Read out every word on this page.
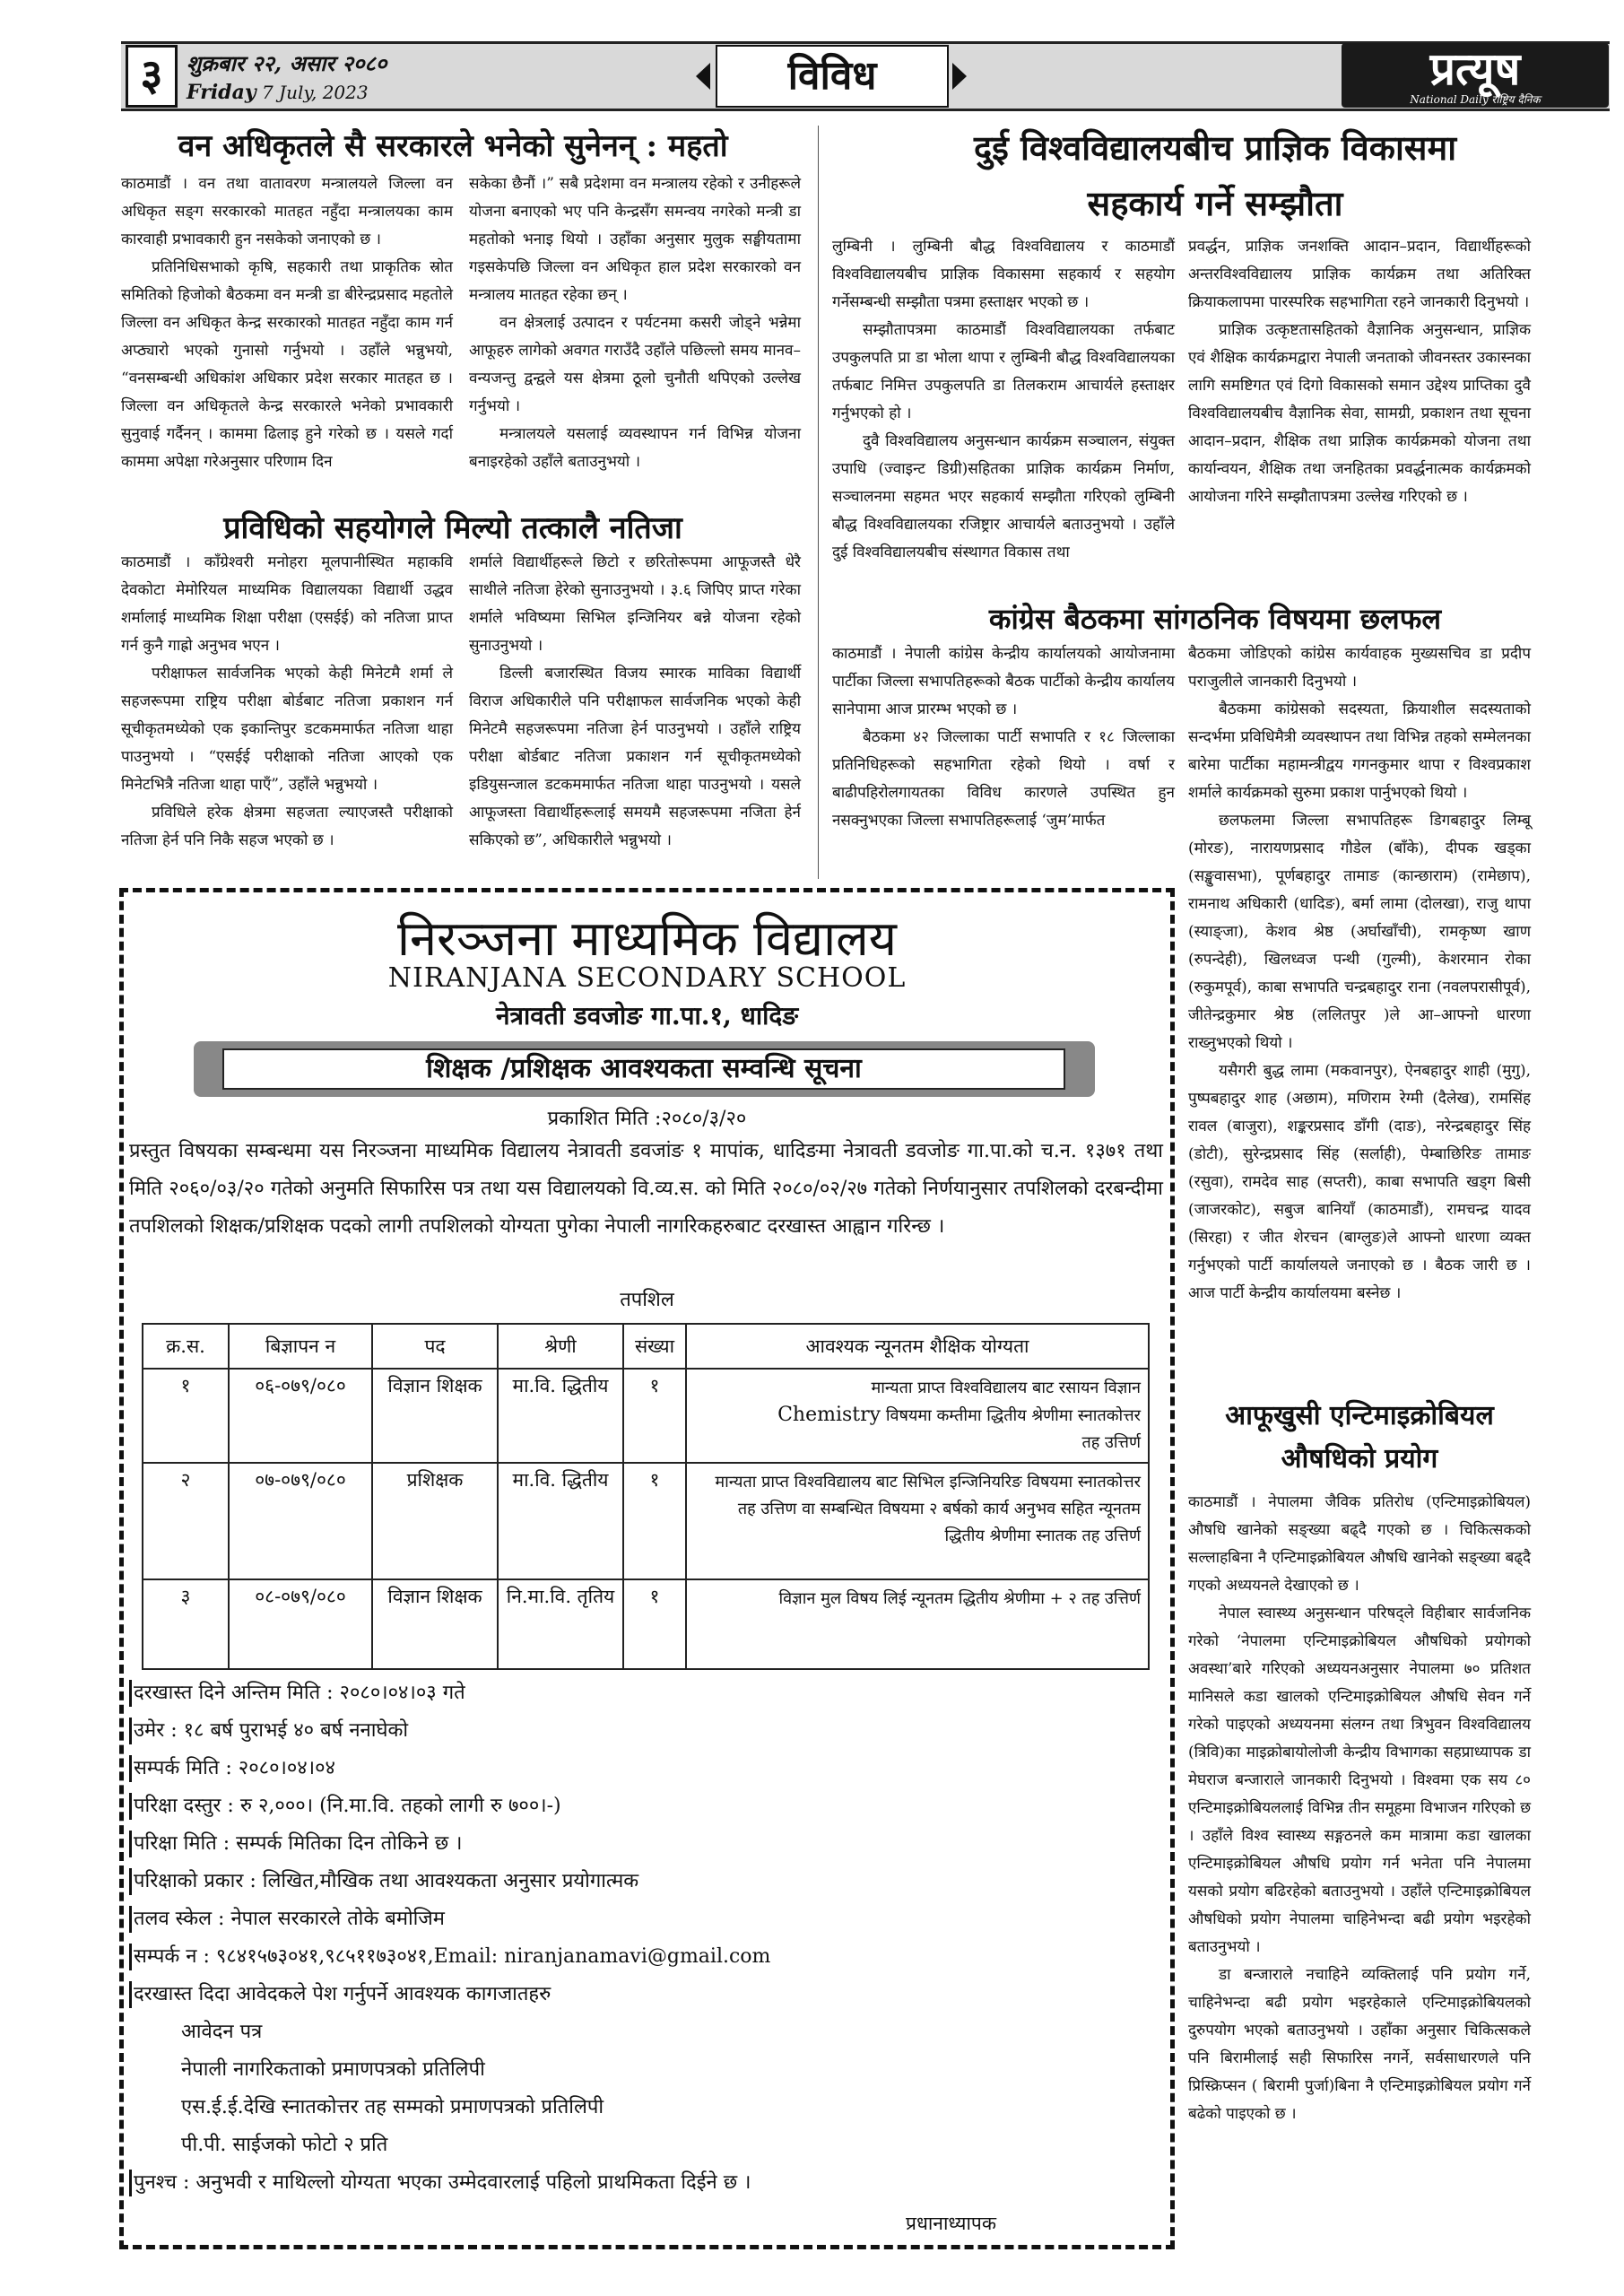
३	शुक्रबार २२, असार २०८०
Friday 7 July, 2023	विविध	प्रत्यूष
National Daily राष्ट्रिय दैनिक
वन अधिकृतले सै सरकारले भनेको सुनेनन् : महतो

काठमाडौं । वन तथा वातावरण मन्त्रालयले जिल्ला वन अधिकृत सङ्‍ग सरकारको मातहत नहुँदा मन्त्रालयका काम कारवाही प्रभावकारी हुन नसकेको जनाएको छ ।

प्रतिनिधिसभाको कृषि, सहकारी तथा प्राकृतिक स्रोत समितिको हिजोको बैठकमा वन मन्त्री डा बीरेन्द्रप्रसाद महतोले जिल्ला वन अधिकृत केन्द्र सरकारको मातहत नहुँदा काम गर्न अप्ठ्यारो भएको गुनासो गर्नुभयो । उहाँले भन्नुभयो, “वनसम्बन्धी अधिकांश अधिकार प्रदेश सरकार मातहत छ । जिल्ला वन अधिकृतले केन्द्र सरकारले भनेको प्रभावकारी सुनुवाई गर्दैनन् । काममा ढिलाइ हुने गरेको छ । यसले गर्दा काममा अपेक्षा गरेअनुसार परिणाम दिन

सकेका छैनौं ।” सबै प्रदेशमा वन मन्त्रालय रहेको र उनीहरूले योजना बनाएको भए पनि केन्द्रसँग समन्वय नगरेको मन्त्री डा महतोको भनाइ थियो । उहाँका अनुसार मुलुक सङ्घीयतामा गइसकेपछि जिल्ला वन अधिकृत हाल प्रदेश सरकारको वन मन्त्रालय मातहत रहेका छन् ।

वन क्षेत्रलाई उत्पादन र पर्यटनमा कसरी जोड्ने भन्नेमा आफूहरु लागेको अवगत गराउँदै उहाँले पछिल्लो समय मानव–वन्यजन्तु द्वन्द्वले यस क्षेत्रमा ठूलो चुनौती थपिएको उल्लेख गर्नुभयो ।

मन्त्रालयले यसलाई व्यवस्थापन गर्न विभिन्न योजना बनाइरहेको उहाँले बताउनुभयो ।

प्रविधिको सहयोगले मिल्यो तत्कालै नतिजा

काठमाडौं । काँग्रेश्वरी मनोहरा मूलपानीस्थित महाकवि देवकोटा मेमोरियल माध्यमिक विद्यालयका विद्यार्थी उद्धव शर्मालाई माध्यमिक शिक्षा परीक्षा (एसईई) को नतिजा प्राप्त गर्न कुनै गाह्रो अनुभव भएन ।

परीक्षाफल सार्वजनिक भएको केही मिनेटमै शर्मा ले सहजरूपमा राष्ट्रिय परीक्षा बोर्डबाट नतिजा प्रकाशन गर्न सूचीकृतमध्येको एक इकान्तिपुर डटकममार्फत नतिजा थाहा पाउनुभयो । “एसईई परीक्षाको नतिजा आएको एक मिनेटभित्रै नतिजा थाहा पाएँ”, उहाँले भन्नुभयो ।

प्रविधिले हरेक क्षेत्रमा सहजता ल्याएजस्तै परीक्षाको नतिजा हेर्न पनि निकै सहज भएको छ ।

शर्माले विद्यार्थीहरूले छिटो र छरितोरूपमा आफूजस्तै धेरै साथीले नतिजा हेरेको सुनाउनुभयो । ३.६ जिपिए प्राप्त गरेका शर्माले भविष्यमा सिभिल इन्जिनियर बन्ने योजना रहेको सुनाउनुभयो ।

डिल्ली बजारस्थित विजय स्मारक माविका विद्यार्थी विराज अधिकारीले पनि परीक्षाफल सार्वजनिक भएको केही मिनेटमै सहजरूपमा नतिजा हेर्न पाउनुभयो । उहाँले राष्ट्रिय परीक्षा बोर्डबाट नतिजा प्रकाशन गर्न सूचीकृतमध्येको इडियुसन्जाल डटकममार्फत नतिजा थाहा पाउनुभयो । यसले आफूजस्ता विद्यार्थीहरूलाई समयमै सहजरूपमा नजिता हेर्न सकिएको छ”, अधिकारीले भन्नुभयो ।

दुई विश्वविद्यालयबीच प्राज्ञिक विकासमा
सहकार्य गर्ने सम्झौता

लुम्बिनी । लुम्बिनी बौद्ध विश्वविद्यालय र काठमाडौं विश्वविद्यालयबीच प्राज्ञिक विकासमा सहकार्य र सहयोग गर्नेसम्बन्धी सम्झौता पत्रमा हस्ताक्षर भएको छ ।

सम्झौतापत्रमा काठमाडौं विश्वविद्यालयका तर्फबाट उपकुलपति प्रा डा भोला थापा र लुम्बिनी बौद्ध विश्वविद्यालयका तर्फबाट निमित्त उपकुलपति डा तिलकराम आचार्यले हस्ताक्षर गर्नुभएको हो ।

दुवै विश्वविद्यालय अनुसन्धान कार्यक्रम सञ्चालन, संयुक्त उपाधि (ज्वाइन्ट डिग्री)सहितका प्राज्ञिक कार्यक्रम निर्माण, सञ्चालनमा सहमत भएर सहकार्य सम्झौता गरिएको लुम्बिनी बौद्ध विश्वविद्यालयका रजिष्ट्रार आचार्यले बताउनुभयो । उहाँले दुई विश्वविद्यालयबीच संस्थागत विकास तथा

प्रवर्द्धन, प्राज्ञिक जनशक्ति आदान–प्रदान, विद्यार्थीहरूको अन्तरविश्वविद्यालय प्राज्ञिक कार्यक्रम तथा अतिरिक्त क्रियाकलापमा पारस्परिक सहभागिता रहने जानकारी दिनुभयो ।

प्राज्ञिक उत्कृष्टतासहितको वैज्ञानिक अनुसन्धान, प्राज्ञिक एवं शैक्षिक कार्यक्रमद्वारा नेपाली जनताको जीवनस्तर उकास्नका लागि समष्टिगत एवं दिगो विकासको समान उद्देश्य प्राप्तिका दुवै विश्वविद्यालयबीच वैज्ञानिक सेवा, सामग्री, प्रकाशन तथा सूचना आदान–प्रदान, शैक्षिक तथा प्राज्ञिक कार्यक्रमको योजना तथा कार्यान्वयन, शैक्षिक तथा जनहितका प्रवर्द्धनात्मक कार्यक्रमको आयोजना गरिने सम्झौतापत्रमा उल्लेख गरिएको छ ।

कांग्रेस बैठकमा सांगठनिक विषयमा छलफल

काठमाडौं । नेपाली कांग्रेस केन्द्रीय कार्यालयको आयोजनामा पार्टीका जिल्ला सभापतिहरूको बैठक पार्टीको केन्द्रीय कार्यालय सानेपामा आज प्रारम्भ भएको छ ।

बैठकमा ४२ जिल्लाका पार्टी सभापति र १८ जिल्लाका प्रतिनिधिहरूको सहभागिता रहेको थियो । वर्षा र बाढीपहिरोलगायतका विविध कारणले उपस्थित हुन नसक्नुभएका जिल्ला सभापतिहरूलाई ‘जुम’मार्फत

बैठकमा जोडिएको कांग्रेस कार्यवाहक मुख्यसचिव डा प्रदीप पराजुलीले जानकारी दिनुभयो ।

बैठकमा कांग्रेसको सदस्यता, क्रियाशील सदस्यताको सन्दर्भमा प्रविधिमैत्री व्यवस्थापन तथा विभिन्न तहको सम्मेलनका बारेमा पार्टीका महामन्त्रीद्वय गगनकुमार थापा र विश्वप्रकाश शर्माले कार्यक्रमको सुरुमा प्रकाश पार्नुभएको थियो ।

छलफलमा जिल्ला सभापतिहरू डिगबहादुर लिम्बू (मोरङ), नारायणप्रसाद गौडेल (बाँके), दीपक खड्का (सङ्खुवासभा), पूर्णबहादुर तामाङ (कान्छाराम) (रामेछाप), रामनाथ अधिकारी (धादिङ), बर्मा लामा (दोलखा), राजु थापा (स्याङ्जा), केशव श्रेष्ठ (अर्घाखाँची), रामकृष्ण खाण (रुपन्देही), खिलध्वज पन्थी (गुल्मी), केशरमान रोका (रुकुमपूर्व), काबा सभापति चन्द्रबहादुर राना (नवलपरासीपूर्व), जीतेन्द्रकुमार श्रेष्ठ (ललितपुर )ले आ–आफ्नो धारणा राख्नुभएको थियो ।

यसैगरी बुद्ध लामा (मकवानपुर), ऐनबहादुर शाही (मुगु), पुष्पबहादुर शाह (अछाम), मणिराम रेग्मी (दैलेख), रामसिंह रावल (बाजुरा), शङ्करप्रसाद डाँगी (दाङ), नरेन्द्रबहादुर सिंह (डोटी), सुरेन्द्रप्रसाद सिंह (सर्लाही), पेम्बाछिरिङ तामाङ (रसुवा), रामदेव साह (सप्तरी), काबा सभापति खड्ग बिसी (जाजरकोट), सबुज बानियाँ (काठमाडौं), रामचन्द्र यादव (सिरहा) र जीत शेरचन (बाग्लुङ)ले आफ्नो धारणा व्यक्त गर्नुभएको पार्टी कार्यालयले जनाएको छ । बैठक जारी छ । आज पार्टी केन्द्रीय कार्यालयमा बस्नेछ ।

आफूखुसी एन्टिमाइक्रोबियल
औषधिको प्रयोग

काठमाडौं । नेपालमा जैविक प्रतिरोध (एन्टिमाइक्रोबियल) औषधि खानेको सङ्ख्या बढ्दै गएको छ । चिकित्सकको सल्लाहबिना नै एन्टिमाइक्रोबियल औषधि खानेको सङ्ख्या बढ्दै गएको अध्ययनले देखाएको छ ।

नेपाल स्वास्थ्य अनुसन्धान परिषद्ले विहीबार सार्वजनिक गरेको ‘नेपालमा एन्टिमाइक्रोबियल औषधिको प्रयोगको अवस्था’बारे गरिएको अध्ययनअनुसार नेपालमा ७० प्रतिशत मानिसले कडा खालको एन्टिमाइक्रोबियल औषधि सेवन गर्ने गरेको पाइएको अध्ययनमा संलग्न तथा त्रिभुवन विश्वविद्यालय (त्रिवि)का माइक्रोबायोलोजी केन्द्रीय विभागका सहप्राध्यापक डा मेघराज बन्जाराले जानकारी दिनुभयो । विश्वमा एक सय ८० एन्टिमाइक्रोबियललाई विभिन्न तीन समूहमा विभाजन गरिएको छ । उहाँले विश्व स्वास्थ्य सङ्गठनले कम मात्रामा कडा खालका एन्टिमाइक्रोबियल औषधि प्रयोग गर्न भनेता पनि नेपालमा यसको प्रयोग बढिरहेको बताउनुभयो । उहाँले एन्टिमाइक्रोबियल औषधिको प्रयोग नेपालमा चाहिनेभन्दा बढी प्रयोग भइरहेको बताउनुभयो ।

डा बन्जाराले नचाहिने व्यक्तिलाई पनि प्रयोग गर्ने, चाहिनेभन्दा बढी प्रयोग भइरहेकाले एन्टिमाइक्रोबियलको दुरुपयोग भएको बताउनुभयो । उहाँका अनुसार चिकित्सकले पनि बिरामीलाई सही सिफारिस नगर्ने, सर्वसाधारणले पनि प्रिस्क्रिप्सन ( बिरामी पुर्जा)बिना नै एन्टिमाइक्रोबियल प्रयोग गर्ने बढेको पाइएको छ ।

निरञ्जना माध्यमिक विद्यालय
NIRANJANA SECONDARY SCHOOL
नेत्रावती डवजोङ गा.पा.१, धादिङ
शिक्षक /प्रशिक्षक आवश्यकता सम्वन्धि सूचना
प्रकाशित मिति :२०८०/३/२०
प्रस्तुत विषयका सम्बन्धमा यस निरञ्जना माध्यमिक विद्यालय नेत्रावती डवजांङ १ मापांक, धादिङमा नेत्रावती डवजोङ गा.पा.को च.न. १३७१ तथा मिति २०६०/०३/२० गतेको अनुमति सिफारिस पत्र तथा यस विद्यालयको वि.व्य.स. को मिति २०८०/०२/२७ गतेको निर्णयानुसार तपशिलको दरबन्दीमा तपशिलको शिक्षक/प्रशिक्षक पदको लागी तपशिलको योग्यता पुगेका नेपाली नागरिकहरुबाट दरखास्त आह्वान गरिन्छ ।
तपशिल
क्र.स.	बिज्ञापन न	पद	श्रेणी	संख्या	आवश्यक न्यूनतम शैक्षिक योग्यता
१	०६-०७९/०८०	विज्ञान शिक्षक	मा.वि. द्धितीय	१	मान्यता प्राप्त विश्वविद्यालय बाट रसायन विज्ञान
Chemistry विषयमा कम्तीमा द्धितीय श्रेणीमा स्नातकोत्तर
तह उत्तिर्ण

२	०७-०७९/०८०	प्रशिक्षक	मा.वि. द्धितीय	१	मान्यता प्राप्त विश्वविद्यालय बाट सिभिल इन्जिनियरिङ विषयमा स्नातकोत्तर तह उत्तिण वा सम्बन्धित विषयमा २ बर्षको कार्य अनुभव सहित न्यूनतम द्धितीय श्रेणीमा स्नातक तह उत्तिर्ण
३	०८-०७९/०८०	विज्ञान शिक्षक	नि.मा.वि. तृतिय	१	विज्ञान मुल विषय लिई न्यूनतम द्धितीय श्रेणीमा + २ तह उत्तिर्ण
दरखास्त दिने अन्तिम मिति : २०८०।०४।०३ गते
उमेर : १८ बर्ष पुराभई ४० बर्ष ननाघेको
सम्पर्क मिति : २०८०।०४।०४
परिक्षा दस्तुर : रु २,०००। (नि.मा.वि. तहको लागी रु ७००।-)
परिक्षा मिति : सम्पर्क मितिका दिन तोकिने छ ।
परिक्षाको प्रकार : लिखित,मौखिक तथा आवश्यकता अनुसार प्रयोगात्मक
तलव स्केल : नेपाल सरकारले तोके बमोजिम
सम्पर्क न : ९८४१५७३०४१,९८५११७३०४१,Email: niranjanamavi@gmail.com
दरखास्त दिदा आवेदकले पेश गर्नुपर्ने आवश्यक कागजातहरु
आवेदन पत्र
नेपाली नागरिकताको प्रमाणपत्रको प्रतिलिपी
एस.ई.ई.देखि स्नातकोत्तर तह सम्मको प्रमाणपत्रको प्रतिलिपी
पी.पी. साईजको फोटो २ प्रति
पुनश्च : अनुभवी र माथिल्लो योग्यता भएका उम्मेदवारलाई पहिलो प्राथमिकता दिईने छ ।
प्रधानाध्यापक
